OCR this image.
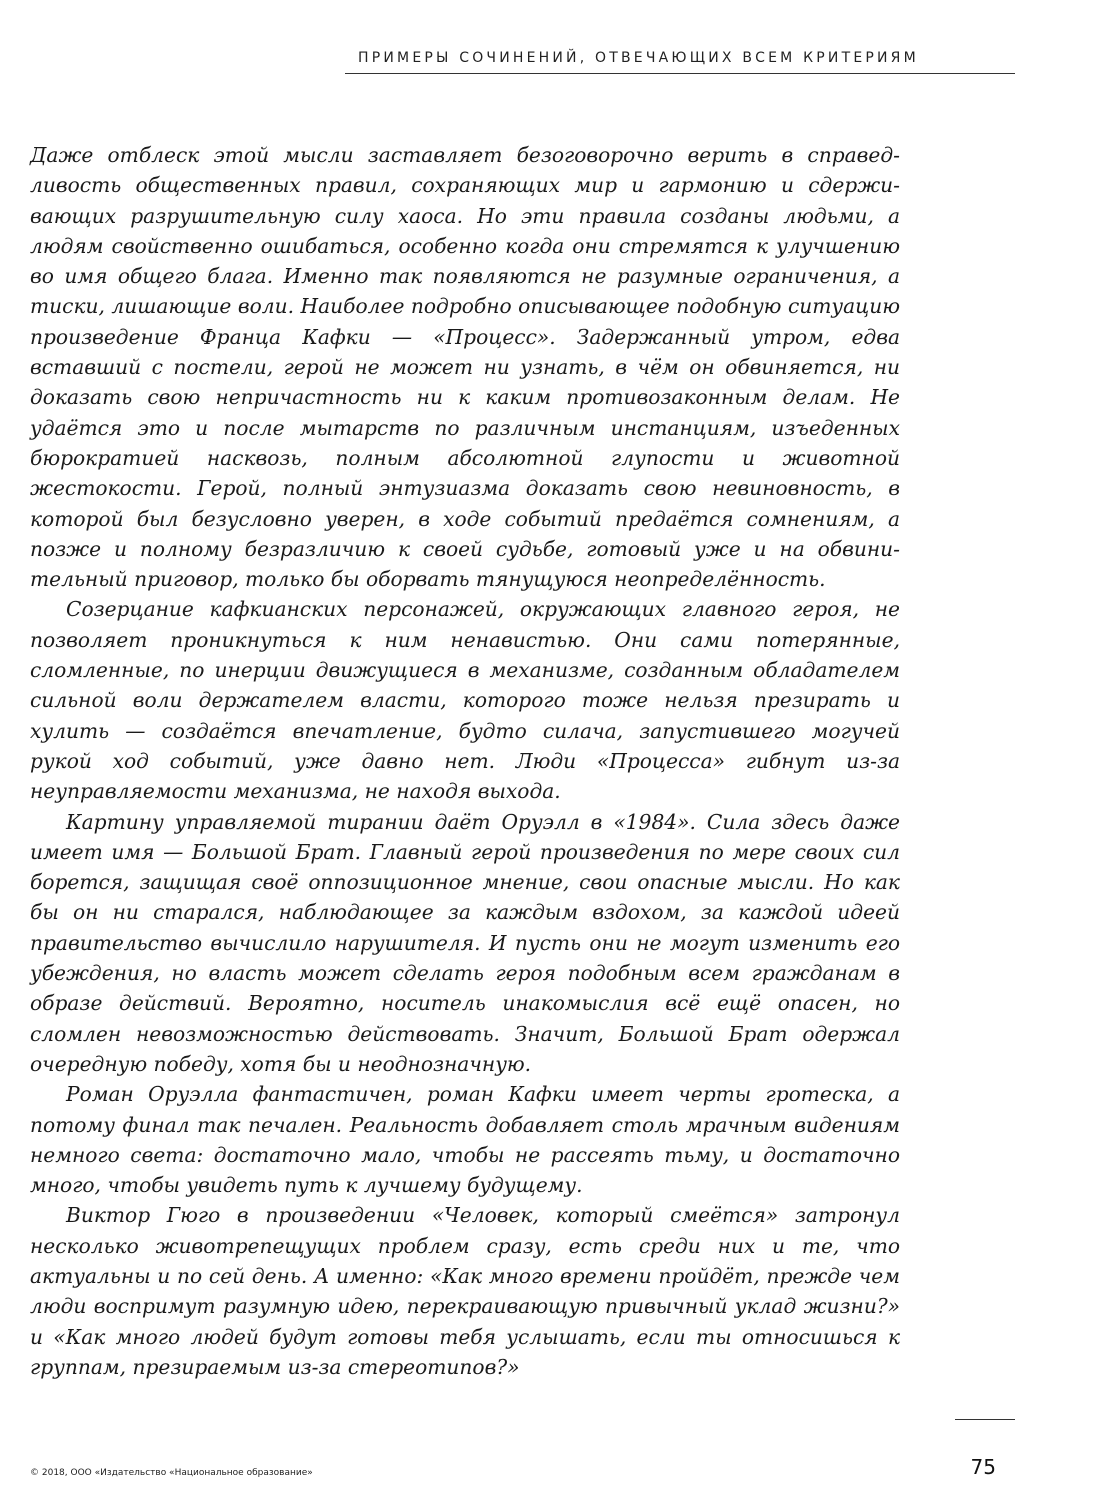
ПРИМЕРЫ СОЧИНЕНИЙ, ОТВЕЧАЮЩИХ ВСЕМ КРИТЕРИЯМ

Даже отблеск этой мысли заставляет безоговорочно верить в справедливость общественных правил, сохраняющих мир и гармонию и сдерживающих разрушительную силу хаоса. Но эти правила созданы людьми, а людям свойственно ошибаться, особенно когда они стремятся к улучшению во имя общего блага. Именно так появляются не разумные ограничения, а тиски, лишающие воли. Наиболее подробно описывающее подобную ситуацию произведение Франца Кафки — «Процесс». Задержанный утром, едва вставший с постели, герой не может ни узнать, в чём он обвиняется, ни доказать свою непричастность ни к каким противозаконным делам. Не удаётся это и после мытарств по различным инстанциям, изъеденных бюрократией насквозь, полным абсолютной глупости и животной жестокости. Герой, полный энтузиазма доказать свою невиновность, в которой был безусловно уверен, в ходе событий предаётся сомнениям, а позже и полному безразличию к своей судьбе, готовый уже и на обвинительный приговор, только бы оборвать тянущуюся неопределённость.

Созерцание кафкианских персонажей, окружающих главного героя, не позволяет проникнуться к ним ненавистью. Они сами потерянные, сломленные, по инерции движущиеся в механизме, созданным обладателем сильной воли держателем власти, которого тоже нельзя презирать и хулить — создаётся впечатление, будто силача, запустившего могучей рукой ход событий, уже давно нет. Люди «Процесса» гибнут из-за неуправляемости механизма, не находя выхода.

Картину управляемой тирании даёт Оруэлл в «1984». Сила здесь даже имеет имя — Большой Брат. Главный герой произведения по мере своих сил борется, защищая своё оппозиционное мнение, свои опасные мысли. Но как бы он ни старался, наблюдающее за каждым вздохом, за каждой идеей правительство вычислило нарушителя. И пусть они не могут изменить его убеждения, но власть может сделать героя подобным всем гражданам в образе действий. Вероятно, носитель инакомыслия всё ещё опасен, но сломлен невозможностью действовать. Значит, Большой Брат одержал очередную победу, хотя бы и неоднозначную.

Роман Оруэлла фантастичен, роман Кафки имеет черты гротеска, а потому финал так печален. Реальность добавляет столь мрачным видениям немного света: достаточно мало, чтобы не рассеять тьму, и достаточно много, чтобы увидеть путь к лучшему будущему.

Виктор Гюго в произведении «Человек, который смеётся» затронул несколько животрепещущих проблем сразу, есть среди них и те, что актуальны и по сей день. А именно: «Как много времени пройдёт, прежде чем люди воспримут разумную идею, перекраивающую привычный уклад жизни?» и «Как много людей будут готовы тебя услышать, если ты относишься к группам, презираемым из-за стереотипов?»

© 2018, ООО «Издательство «Национальное образование»	75
